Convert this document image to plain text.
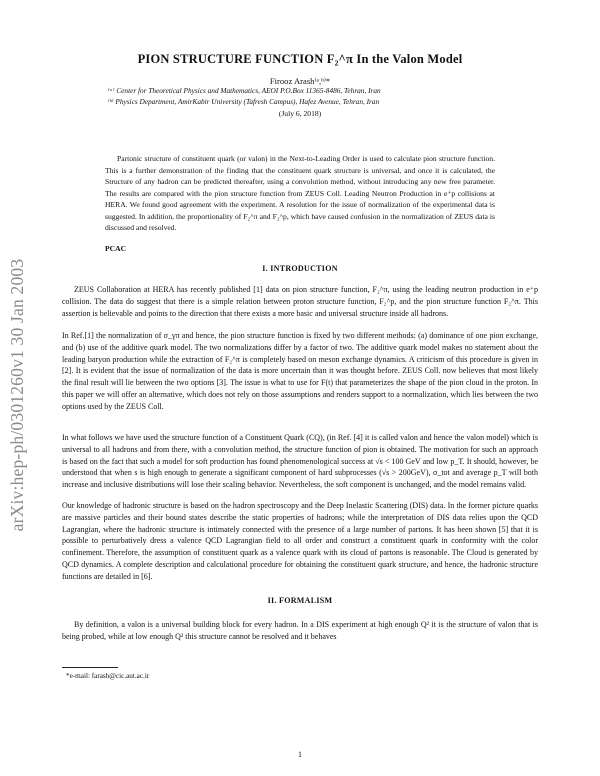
arXiv:hep-ph/0301260v1 30 Jan 2003
PION STRUCTURE FUNCTION F₂^π In the Valon Model
Firooz Arash⁽ᵃ,ᵇ⁾*
⁽ᵃ⁾ Center for Theoretical Physics and Mathematics, AEOI P.O.Box 11365-8486, Tehran, Iran
⁽ᵇ⁾ Physics Department, AmirKabir University (Tafresh Campus), Hafez Avenue, Tehran, Iran
(July 6, 2018)
Partonic structure of constituent quark (or valon) in the Next-to-Leading Order is used to calculate pion structure function. This is a further demonstration of the finding that the constituent quark structure is universal, and once it is calculated, the Structure of any hadron can be predicted thereafter, using a convolution method, without introducing any new free parameter. The results are compared with the pion structure function from ZEUS Coll. Leading Neutron Production in e⁺p collisions at HERA. We found good agreement with the experiment. A resolution for the issue of normalization of the experimental data is suggested. In addition, the proportionality of F₂^π and F₂^p, which have caused confusion in the normalization of ZEUS data is discussed and resolved.
PCAC
I. INTRODUCTION
ZEUS Collaboration at HERA has recently published [1] data on pion structure function, F₂^π, using the leading neutron production in e⁺p collision. The data do suggest that there is a simple relation between proton structure function, F₂^p, and the pion structure function F₂^π. This assertion is believable and points to the direction that there exists a more basic and universal structure inside all hadrons.
In Ref.[1] the normalization of σ_γπ and hence, the pion structure function is fixed by two different methods: (a) dominance of one pion exchange, and (b) use of the additive quark model. The two normalizations differ by a factor of two. The additive quark model makes no statement about the leading baryon production while the extraction of F₂^π is completely based on meson exchange dynamics. A criticism of this procedure is given in [2]. It is evident that the issue of normalization of the data is more uncertain than it was thought before. ZEUS Coll. now believes that most likely the final result will lie between the two options [3]. The issue is what to use for F(t) that parameterizes the shape of the pion cloud in the proton. In this paper we will offer an alternative, which does not rely on those assumptions and renders support to a normalization, which lies between the two options used by the ZEUS Coll.
In what follows we have used the structure function of a Constituent Quark (CQ), (in Ref. [4] it is called valon and hence the valon model) which is universal to all hadrons and from there, with a convolution method, the structure function of pion is obtained. The motivation for such an approach is based on the fact that such a model for soft production has found phenomenological success at √s < 100 GeV and low p_T. It should, however, be understood that when s is high enough to generate a significant component of hard subprocesses (√s > 200GeV), σ_tot and average p_T will both increase and inclusive distributions will lose their scaling behavior. Nevertheless, the soft component is unchanged, and the model remains valid.
Our knowledge of hadronic structure is based on the hadron spectroscopy and the Deep Inelastic Scattering (DIS) data. In the former picture quarks are massive particles and their bound states describe the static properties of hadrons; while the interpretation of DIS data relies upon the QCD Lagrangian, where the hadronic structure is intimately connected with the presence of a large number of partons. It has been shown [5] that it is possible to perturbatively dress a valence QCD Lagrangian field to all order and construct a constituent quark in conformity with the color confinement. Therefore, the assumption of constituent quark as a valence quark with its cloud of partons is reasonable. The Cloud is generated by QCD dynamics. A complete description and calculational procedure for obtaining the constituent quark structure, and hence, the hadronic structure functions are detailed in [6].
II. FORMALISM
By definition, a valon is a universal building block for every hadron. In a DIS experiment at high enough Q² it is the structure of valon that is being probed, while at low enough Q² this structure cannot be resolved and it behaves
*e-mail: farash@cic.aut.ac.ir
1
